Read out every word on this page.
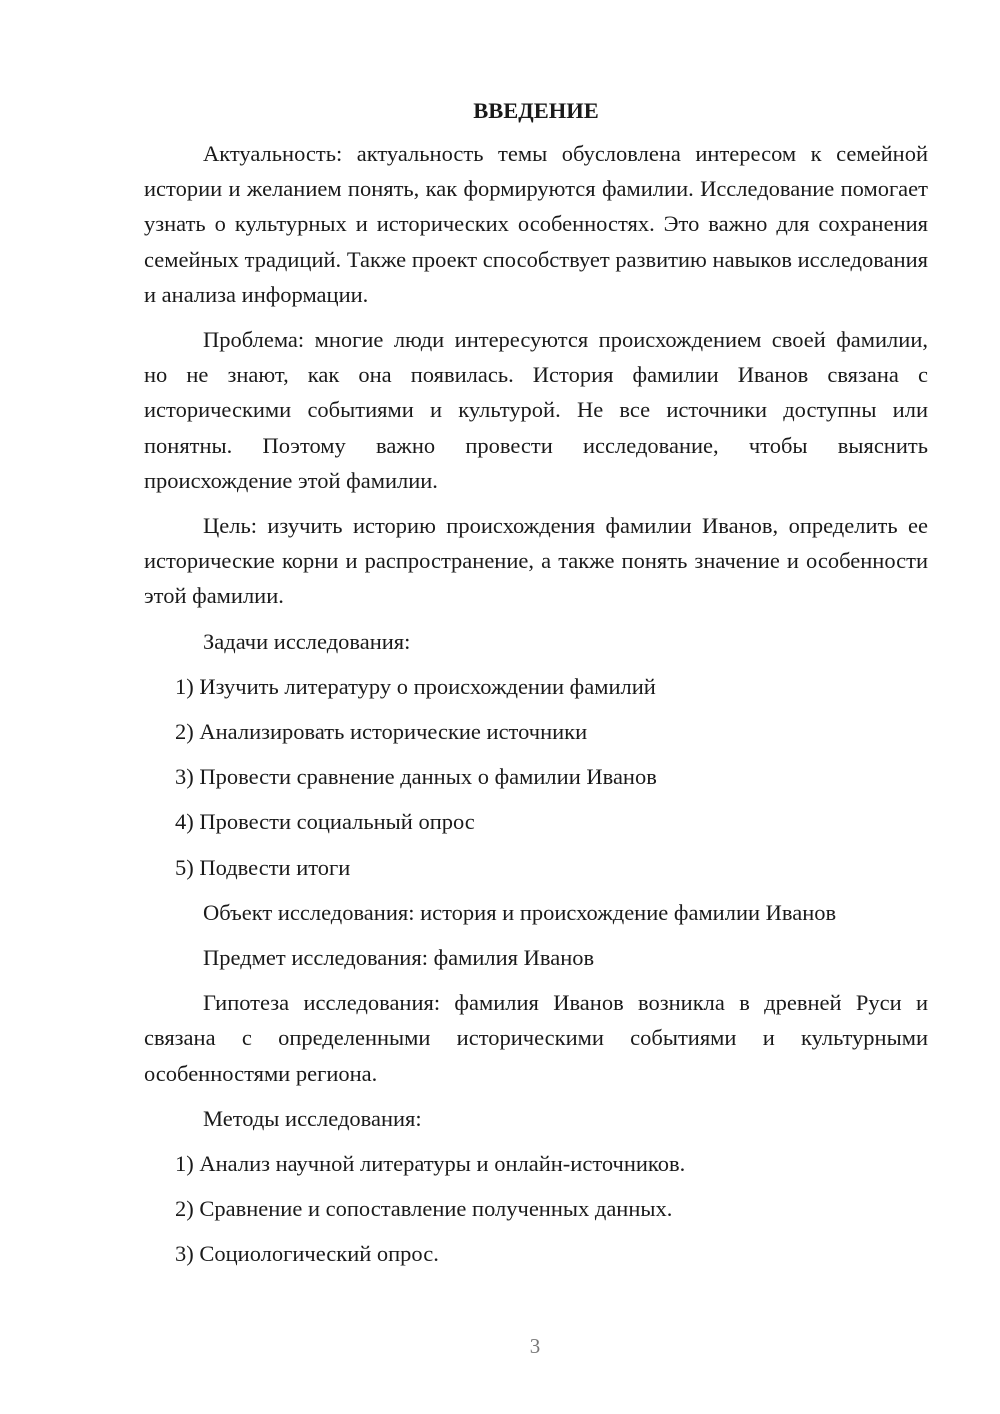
ВВЕДЕНИЕ

Актуальность: актуальность темы обусловлена интересом к семейной истории и желанием понять, как формируются фамилии. Исследование помогает узнать о культурных и исторических особенностях. Это важно для сохранения семейных традиций. Также проект способствует развитию навыков исследования и анализа информации.

Проблема: многие люди интересуются происхождением своей фамилии, но не знают, как она появилась. История фамилии Иванов связана с историческими событиями и культурой. Не все источники доступны или понятны. Поэтому важно провести исследование, чтобы выяснить происхождение этой фамилии.

Цель: изучить историю происхождения фамилии Иванов, определить ее исторические корни и распространение, а также понять значение и особенности этой фамилии.

Задачи исследования:
1) Изучить литературу о происхождении фамилий
2) Анализировать исторические источники
3) Провести сравнение данных о фамилии Иванов
4) Провести социальный опрос
5) Подвести итоги
Объект исследования: история и происхождение фамилии Иванов
Предмет исследования: фамилия Иванов

Гипотеза исследования: фамилия Иванов возникла в древней Руси и связана с определенными историческими событиями и культурными особенностями региона.

Методы исследования:
1) Анализ научной литературы и онлайн-источников.
2) Сравнение и сопоставление полученных данных.
3) Социологический опрос.
3
